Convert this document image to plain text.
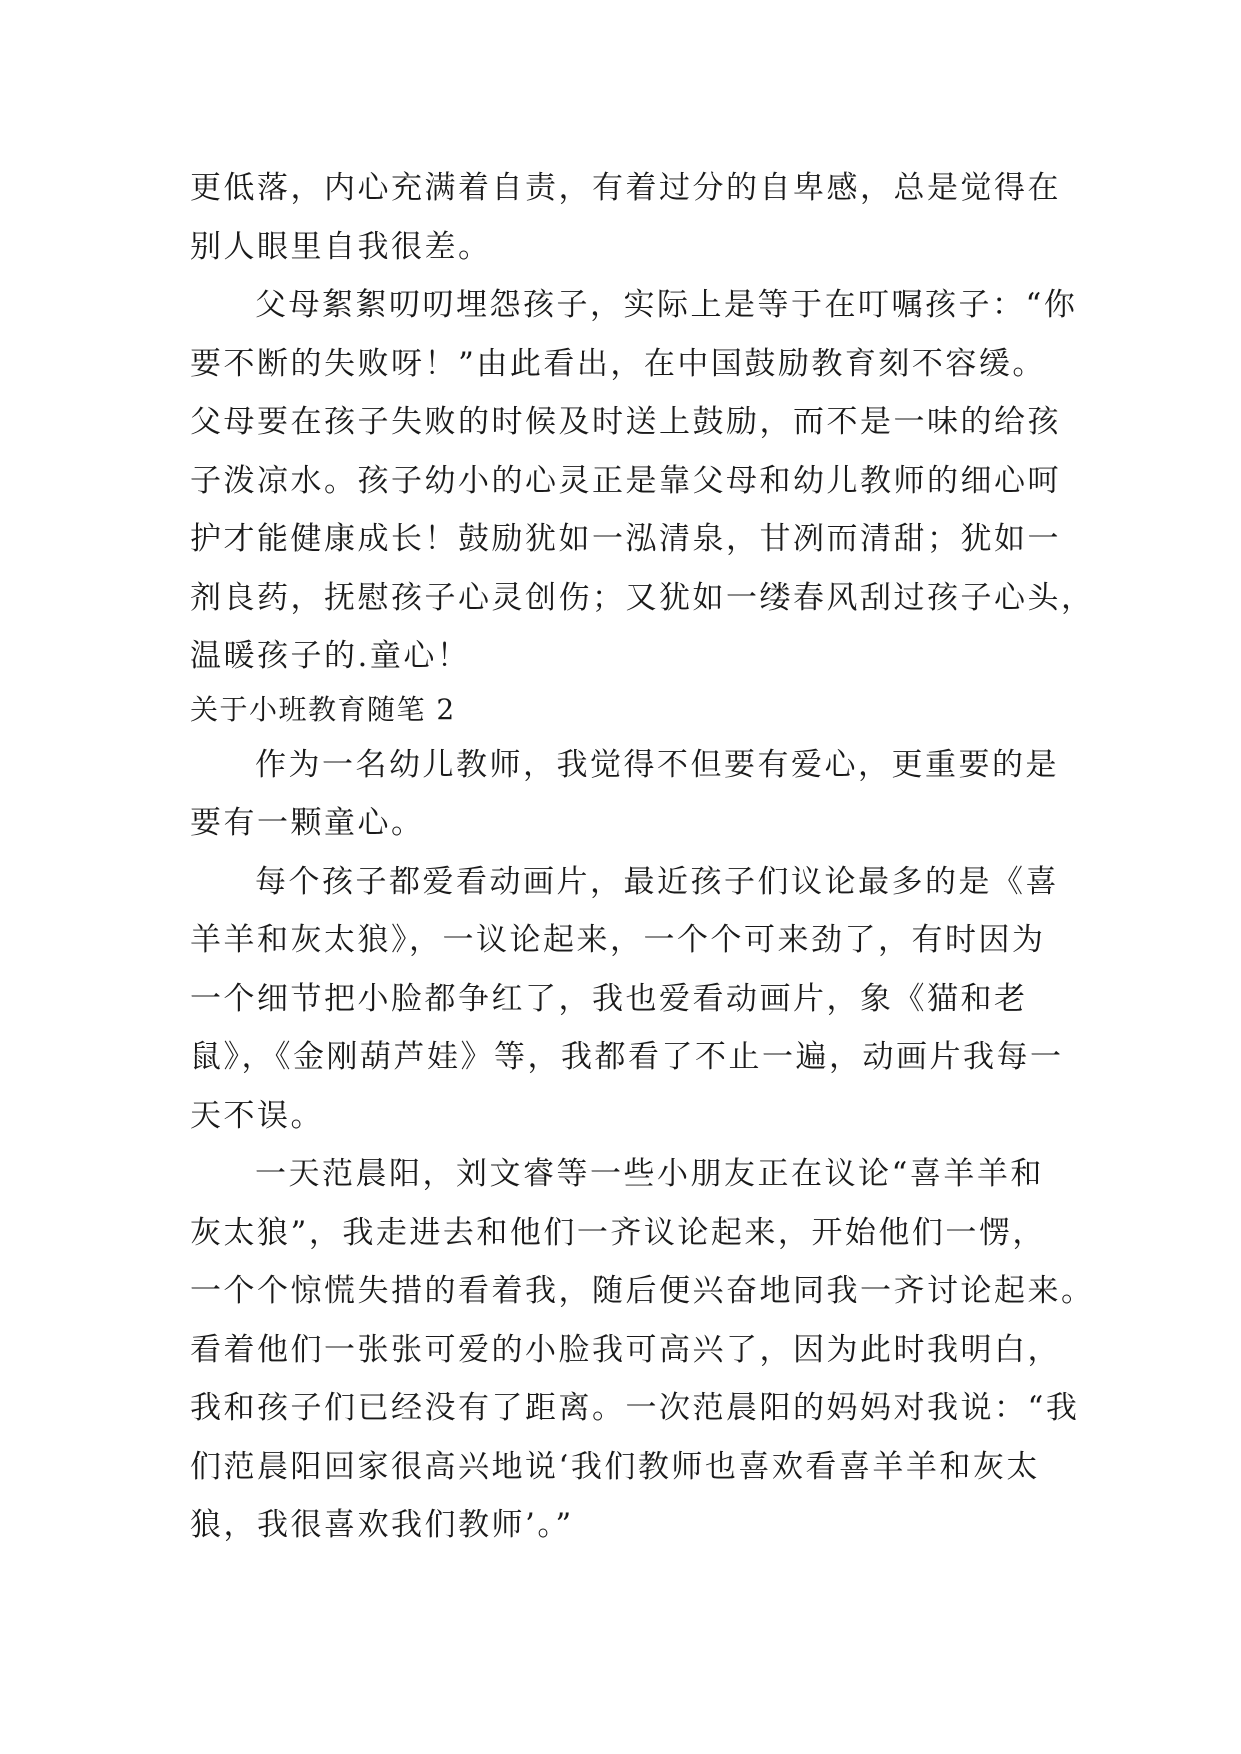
更低落，内心充满着自责，有着过分的自卑感，总是觉得在
别人眼里自我很差。
父母絮絮叨叨埋怨孩子，实际上是等于在叮嘱孩子：“你
要不断的失败呀！”由此看出，在中国鼓励教育刻不容缓。
父母要在孩子失败的时候及时送上鼓励，而不是一味的给孩
子泼凉水。孩子幼小的心灵正是靠父母和幼儿教师的细心呵
护才能健康成长！鼓励犹如一泓清泉，甘冽而清甜；犹如一
剂良药，抚慰孩子心灵创伤；又犹如一缕春风刮过孩子心头，
温暖孩子的.童心！
关于小班教育随笔 2
作为一名幼儿教师，我觉得不但要有爱心，更重要的是
要有一颗童心。
每个孩子都爱看动画片，最近孩子们议论最多的是《喜
羊羊和灰太狼》，一议论起来，一个个可来劲了，有时因为
一个细节把小脸都争红了，我也爱看动画片，象《猫和老
鼠》，《金刚葫芦娃》等，我都看了不止一遍，动画片我每一
天不误。
一天范晨阳，刘文睿等一些小朋友正在议论“喜羊羊和
灰太狼”，我走进去和他们一齐议论起来，开始他们一愣，
一个个惊慌失措的看着我，随后便兴奋地同我一齐讨论起来。
看着他们一张张可爱的小脸我可高兴了，因为此时我明白，
我和孩子们已经没有了距离。一次范晨阳的妈妈对我说：“我
们范晨阳回家很高兴地说‘我们教师也喜欢看喜羊羊和灰太
狼，我很喜欢我们教师’。”
